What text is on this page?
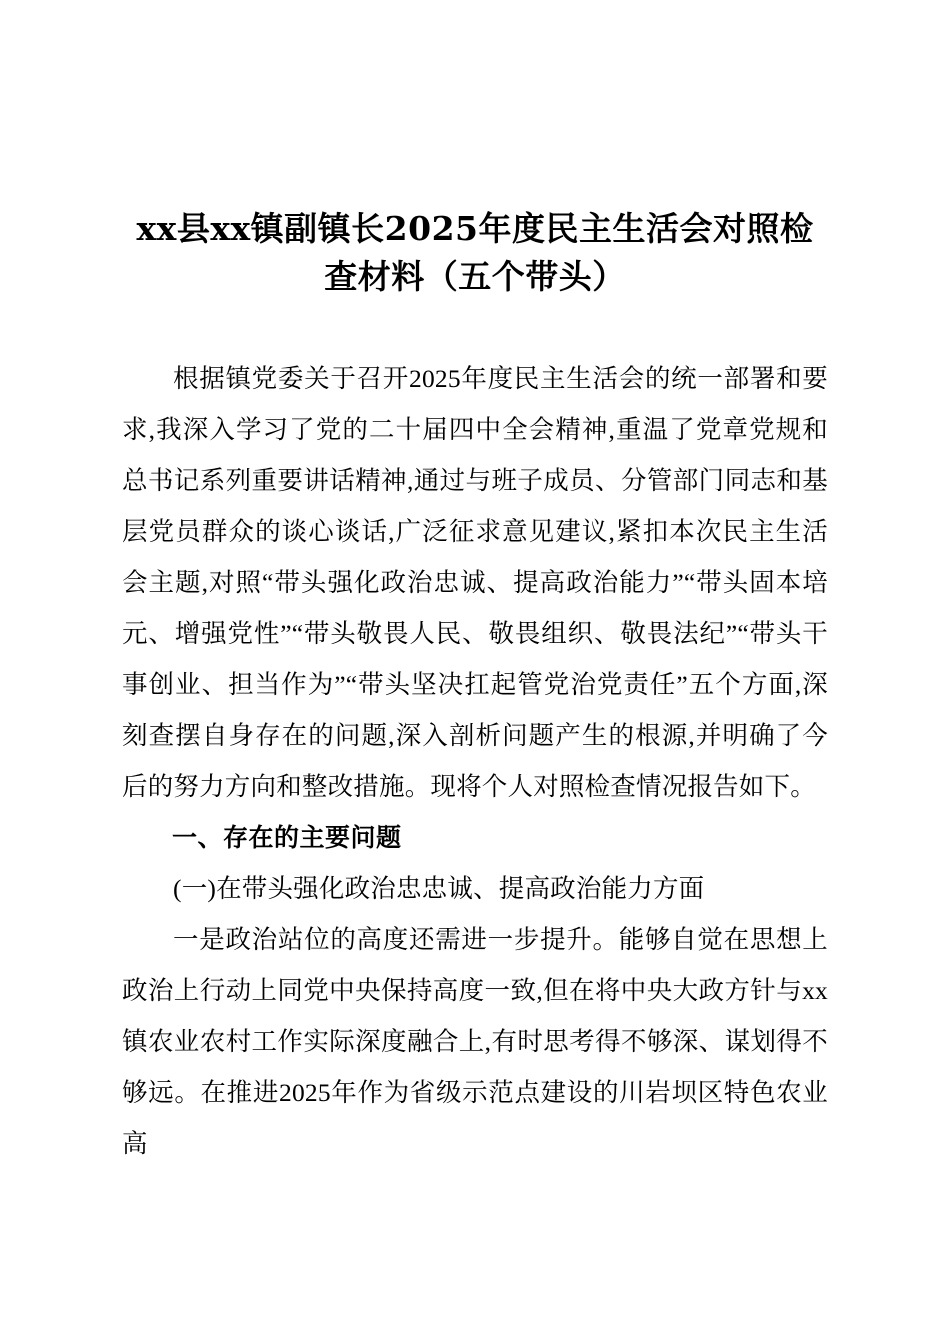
xx县xx镇副镇长2025年度民主生活会对照检查材料（五个带头）

根据镇党委关于召开2025年度民主生活会的统一部署和要求,我深入学习了党的二十届四中全会精神,重温了党章党规和总书记系列重要讲话精神,通过与班子成员、分管部门同志和基层党员群众的谈心谈话,广泛征求意见建议,紧扣本次民主生活会主题,对照“带头强化政治忠诚、提高政治能力”“带头固本培元、增强党性”“带头敬畏人民、敬畏组织、敬畏法纪”“带头干事创业、担当作为”“带头坚决扛起管党治党责任”五个方面,深刻查摆自身存在的问题,深入剖析问题产生的根源,并明确了今后的努力方向和整改措施。现将个人对照检查情况报告如下。

一、存在的主要问题

(一)在带头强化政治忠忠诚、提高政治能力方面

一是政治站位的高度还需进一步提升。能够自觉在思想上政治上行动上同党中央保持高度一致,但在将中央大政方针与xx镇农业农村工作实际深度融合上,有时思考得不够深、谋划得不够远。在推进2025年作为省级示范点建设的川岩坝区特色农业高
